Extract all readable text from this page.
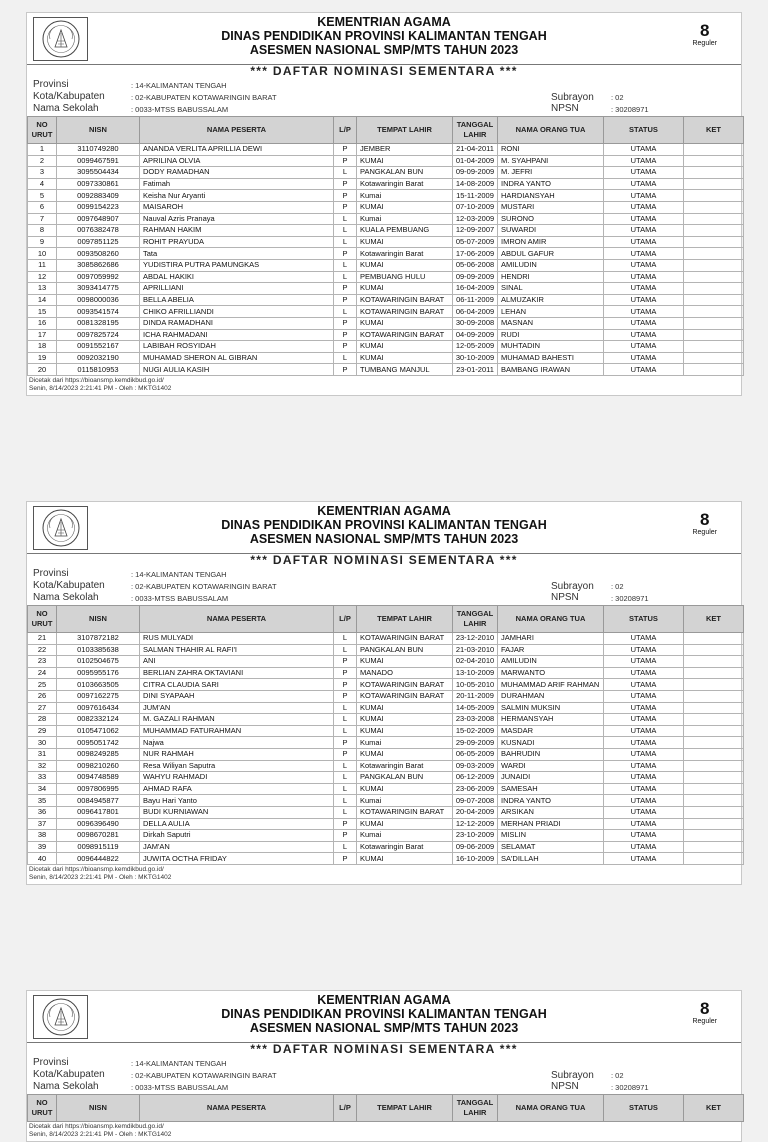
KEMENTRIAN AGAMA
DINAS PENDIDIKAN PROVINSI KALIMANTAN TENGAH
ASESMEN NASIONAL SMP/MTS TAHUN 2023
8
Reguler
*** DAFTAR NOMINASI SEMENTARA ***
Provinsi	: 14-KALIMANTAN TENGAH
Kota/Kabupaten	: 02-KABUPATEN KOTAWARINGIN BARAT
Nama Sekolah	: 0033-MTSS BABUSSALAM
Subrayon : 02
NPSN	: 30208971
NO URUT	NISN	NAMA PESERTA	L/P	TEMPAT LAHIR	TANGGAL LAHIR	NAMA ORANG TUA	STATUS	KET
1	3110749280	ANANDA VERLITA APRILLIA DEWI	P	JEMBER	21-04-2011	RONI	UTAMA	
2	0099467591	APRILINA OLVIA	P	KUMAI	01-04-2009	M. SYAHPANI	UTAMA	
3	3095504434	DODY RAMADHAN	L	PANGKALAN BUN	09-09-2009	M. JEFRI	UTAMA	
4	0097330861	Fatimah	P	Kotawaringin Barat	14-08-2009	INDRA YANTO	UTAMA	
5	0092883409	Keisha Nur Aryanti	P	Kumai	15-11-2009	HARDIANSYAH	UTAMA	
6	0099154223	MAISAROH	P	KUMAI	07-10-2009	MUSTARI	UTAMA	
7	0097648907	Nauval Azris Pranaya	L	Kumai	12-03-2009	SURONO	UTAMA	
8	0076382478	RAHMAN HAKIM	L	KUALA PEMBUANG	12-09-2007	SUWARDI	UTAMA	
9	0097851125	ROHIT PRAYUDA	L	KUMAI	05-07-2009	IMRON AMIR	UTAMA	
10	0093508260	Tata	P	Kotawaringin Barat	17-06-2009	ABDUL GAFUR	UTAMA	
11	3085862686	YUDISTIRA PUTRA PAMUNGKAS	L	KUMAI	05-06-2008	AMILUDIN	UTAMA	
12	0097059992	ABDAL HAKIKI	L	PEMBUANG HULU	09-09-2009	HENDRI	UTAMA	
13	3093414775	APRILLIANI	P	KUMAI	16-04-2009	SINAL	UTAMA	
14	0098000036	BELLA ABELIA	P	KOTAWARINGIN BARAT	06-11-2009	ALMUZAKIR	UTAMA	
15	0093541574	CHIKO AFRILLIANDI	L	KOTAWARINGIN BARAT	06-04-2009	LEHAN	UTAMA	
16	0081328195	DINDA RAMADHANI	P	KUMAI	30-09-2008	MASNAN	UTAMA	
17	0097825724	ICHA RAHMADANI	P	KOTAWARINGIN BARAT	04-09-2009	RUDI	UTAMA	
18	0091552167	LABIBAH ROSYIDAH	P	KUMAI	12-05-2009	MUHTADIN	UTAMA	
19	0092032190	MUHAMAD SHERON AL GIBRAN	L	KUMAI	30-10-2009	MUHAMAD BAHESTI	UTAMA	
20	0115810953	NUGI AULIA KASIH	P	TUMBANG MANJUL	23-01-2011	BAMBANG IRAWAN	UTAMA	
Dicetak dari https://bioansmp.kemdikbud.go.id/
Senin, 8/14/2023 2:21:41 PM - Oleh : MKTG1402
KEMENTRIAN AGAMA
DINAS PENDIDIKAN PROVINSI KALIMANTAN TENGAH
ASESMEN NASIONAL SMP/MTS TAHUN 2023
8
Reguler
*** DAFTAR NOMINASI SEMENTARA ***
Provinsi	: 14-KALIMANTAN TENGAH
Kota/Kabupaten	: 02-KABUPATEN KOTAWARINGIN BARAT
Nama Sekolah	: 0033-MTSS BABUSSALAM
Subrayon : 02
NPSN	: 30208971
NO URUT	NISN	NAMA PESERTA	L/P	TEMPAT LAHIR	TANGGAL LAHIR	NAMA ORANG TUA	STATUS	KET
21	3107872182	RUS MULYADI	L	KOTAWARINGIN BARAT	23-12-2010	JAMHARI	UTAMA	
22	0103385638	SALMAN THAHIR AL RAFI'I	L	PANGKALAN BUN	21-03-2010	FAJAR	UTAMA	
23	0102504675	ANI	P	KUMAI	02-04-2010	AMILUDIN	UTAMA	
24	0095955176	BERLIAN ZAHRA OKTAVIANI	P	MANADO	13-10-2009	MARWANTO	UTAMA	
25	0103663505	CITRA CLAUDIA SARI	P	KOTAWARINGIN BARAT	10-05-2010	MUHAMMAD ARIF RAHMAN	UTAMA	
26	0097162275	DINI SYAPAAH	P	KOTAWARINGIN BARAT	20-11-2009	DURAHMAN	UTAMA	
27	0097616434	JUM'AN	L	KUMAI	14-05-2009	SALMIN MUKSIN	UTAMA	
28	0082332124	M. GAZALI RAHMAN	L	KUMAI	23-03-2008	HERMANSYAH	UTAMA	
29	0105471062	MUHAMMAD FATURAHMAN	L	KUMAI	15-02-2009	MASDAR	UTAMA	
30	0095051742	Najwa	P	Kumai	29-09-2009	KUSNADI	UTAMA	
31	0098249285	NUR RAHMAH	P	KUMAI	06-05-2009	BAHRUDIN	UTAMA	
32	0098210260	Resa Wiliyan Saputra	L	Kotawaringin Barat	09-03-2009	WARDI	UTAMA	
33	0094748589	WAHYU RAHMADI	L	PANGKALAN BUN	06-12-2009	JUNAIDI	UTAMA	
34	0097806995	AHMAD RAFA	L	KUMAI	23-06-2009	SAMESAH	UTAMA	
35	0084945877	Bayu Hari Yanto	L	Kumai	09-07-2008	INDRA YANTO	UTAMA	
36	0096417801	BUDI KURNIAWAN	L	KOTAWARINGIN BARAT	20-04-2009	ARSIKAN	UTAMA	
37	0096396490	DELLA AULIA	P	KUMAI	12-12-2009	MERHAN PRIADI	UTAMA	
38	0098670281	Dirkah Saputri	P	Kumai	23-10-2009	MISLIN	UTAMA	
39	0098915119	JAM'AN	L	Kotawaringin Barat	09-06-2009	SELAMAT	UTAMA	
40	0096444822	JUWITA OCTHA FRIDAY	P	KUMAI	16-10-2009	SA'DILLAH	UTAMA	
Dicetak dari https://bioansmp.kemdikbud.go.id/
Senin, 8/14/2023 2:21:41 PM - Oleh : MKTG1402
KEMENTRIAN AGAMA
DINAS PENDIDIKAN PROVINSI KALIMANTAN TENGAH
ASESMEN NASIONAL SMP/MTS TAHUN 2023
8
Reguler
*** DAFTAR NOMINASI SEMENTARA ***
Provinsi	: 14-KALIMANTAN TENGAH
Kota/Kabupaten	: 02-KABUPATEN KOTAWARINGIN BARAT
Nama Sekolah	: 0033-MTSS BABUSSALAM
Subrayon : 02
NPSN	: 30208971
NO URUT	NISN	NAMA PESERTA	L/P	TEMPAT LAHIR	TANGGAL LAHIR	NAMA ORANG TUA	STATUS	KET
Dicetak dari https://bioansmp.kemdikbud.go.id/
Senin, 8/14/2023 2:21:41 PM - Oleh : MKTG1402
